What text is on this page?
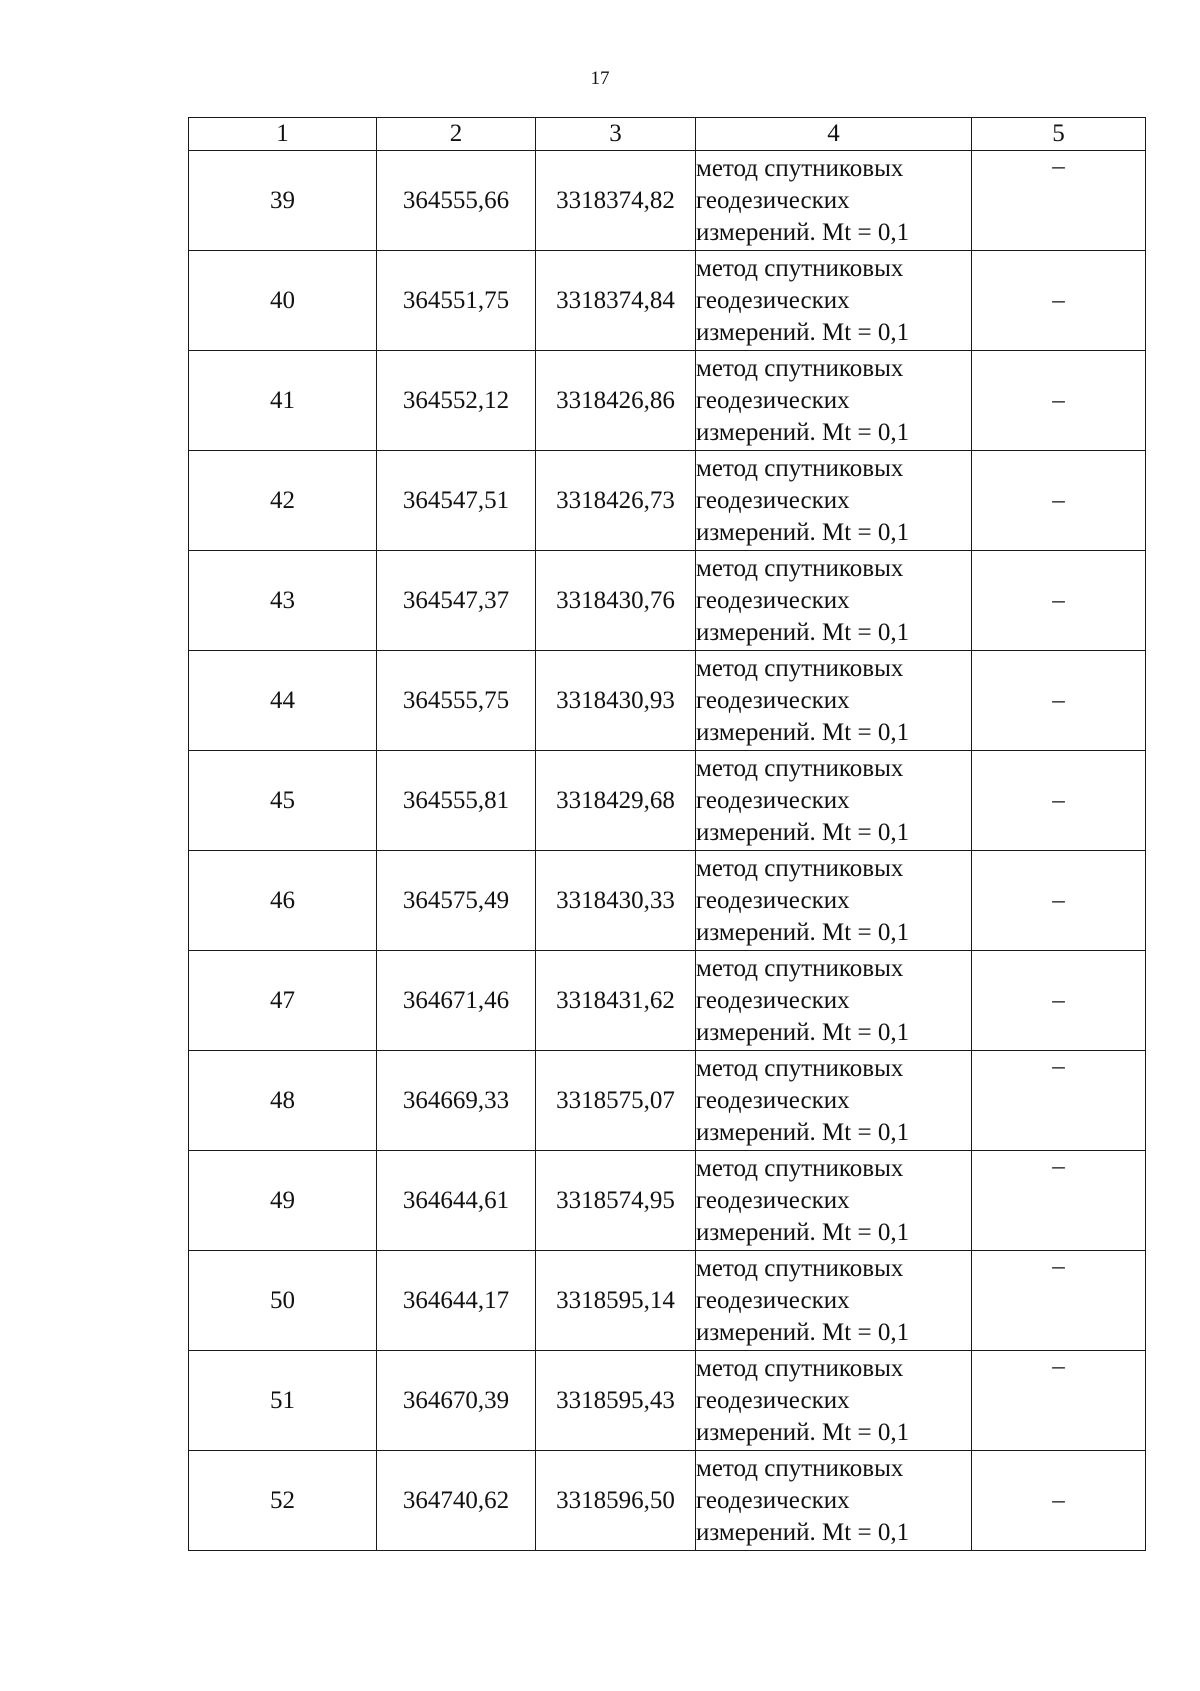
17
1	2	3	4	5
39	364555,66	3318374,82	метод спутниковых
геодезических
измерений. Mt = 0,1	–
40	364551,75	3318374,84	метод спутниковых
геодезических
измерений. Mt = 0,1	–
41	364552,12	3318426,86	метод спутниковых
геодезических
измерений. Mt = 0,1	–
42	364547,51	3318426,73	метод спутниковых
геодезических
измерений. Mt = 0,1	–
43	364547,37	3318430,76	метод спутниковых
геодезических
измерений. Mt = 0,1	–
44	364555,75	3318430,93	метод спутниковых
геодезических
измерений. Mt = 0,1	–
45	364555,81	3318429,68	метод спутниковых
геодезических
измерений. Mt = 0,1	–
46	364575,49	3318430,33	метод спутниковых
геодезических
измерений. Mt = 0,1	–
47	364671,46	3318431,62	метод спутниковых
геодезических
измерений. Mt = 0,1	–
48	364669,33	3318575,07	метод спутниковых
геодезических
измерений. Mt = 0,1	–
49	364644,61	3318574,95	метод спутниковых
геодезических
измерений. Mt = 0,1	–
50	364644,17	3318595,14	метод спутниковых
геодезических
измерений. Mt = 0,1	–
51	364670,39	3318595,43	метод спутниковых
геодезических
измерений. Mt = 0,1	–
52	364740,62	3318596,50	метод спутниковых
геодезических
измерений. Mt = 0,1	–
